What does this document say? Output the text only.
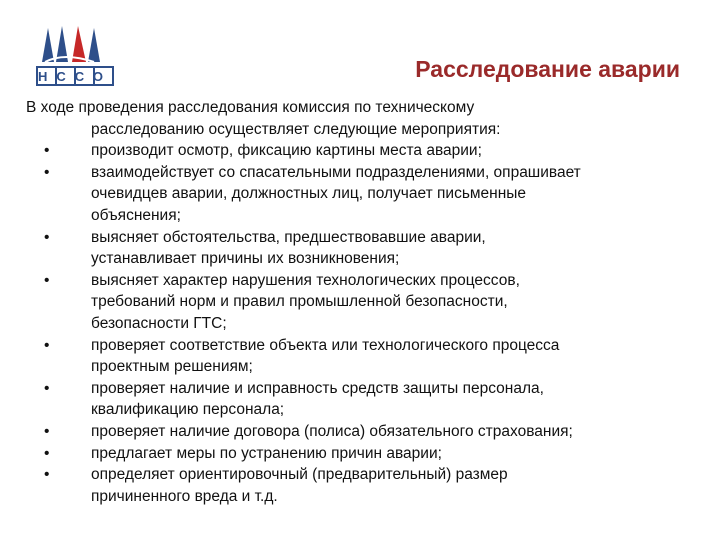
НССО	Расследование аварии
В ходе проведения расследования комиссия по техническому
расследованию осуществляет следующие мероприятия:
•	производит осмотр, фиксацию картины места аварии;
•	взаимодействует со спасательными подразделениями, опрашивает
очевидцев аварии, должностных лиц, получает письменные
объяснения;
•	выясняет обстоятельства, предшествовавшие аварии,
устанавливает причины их возникновения;
•	выясняет характер нарушения технологических процессов,
требований норм и правил промышленной безопасности,
безопасности ГТС;
•	проверяет соответствие объекта или технологического процесса
проектным решениям;
•	проверяет наличие и исправность средств защиты персонала,
квалификацию персонала;
•	проверяет наличие договора (полиса) обязательного страхования;
•	предлагает меры по устранению причин аварии;
•	определяет ориентировочный (предварительный) размер
причиненного вреда и т.д.
